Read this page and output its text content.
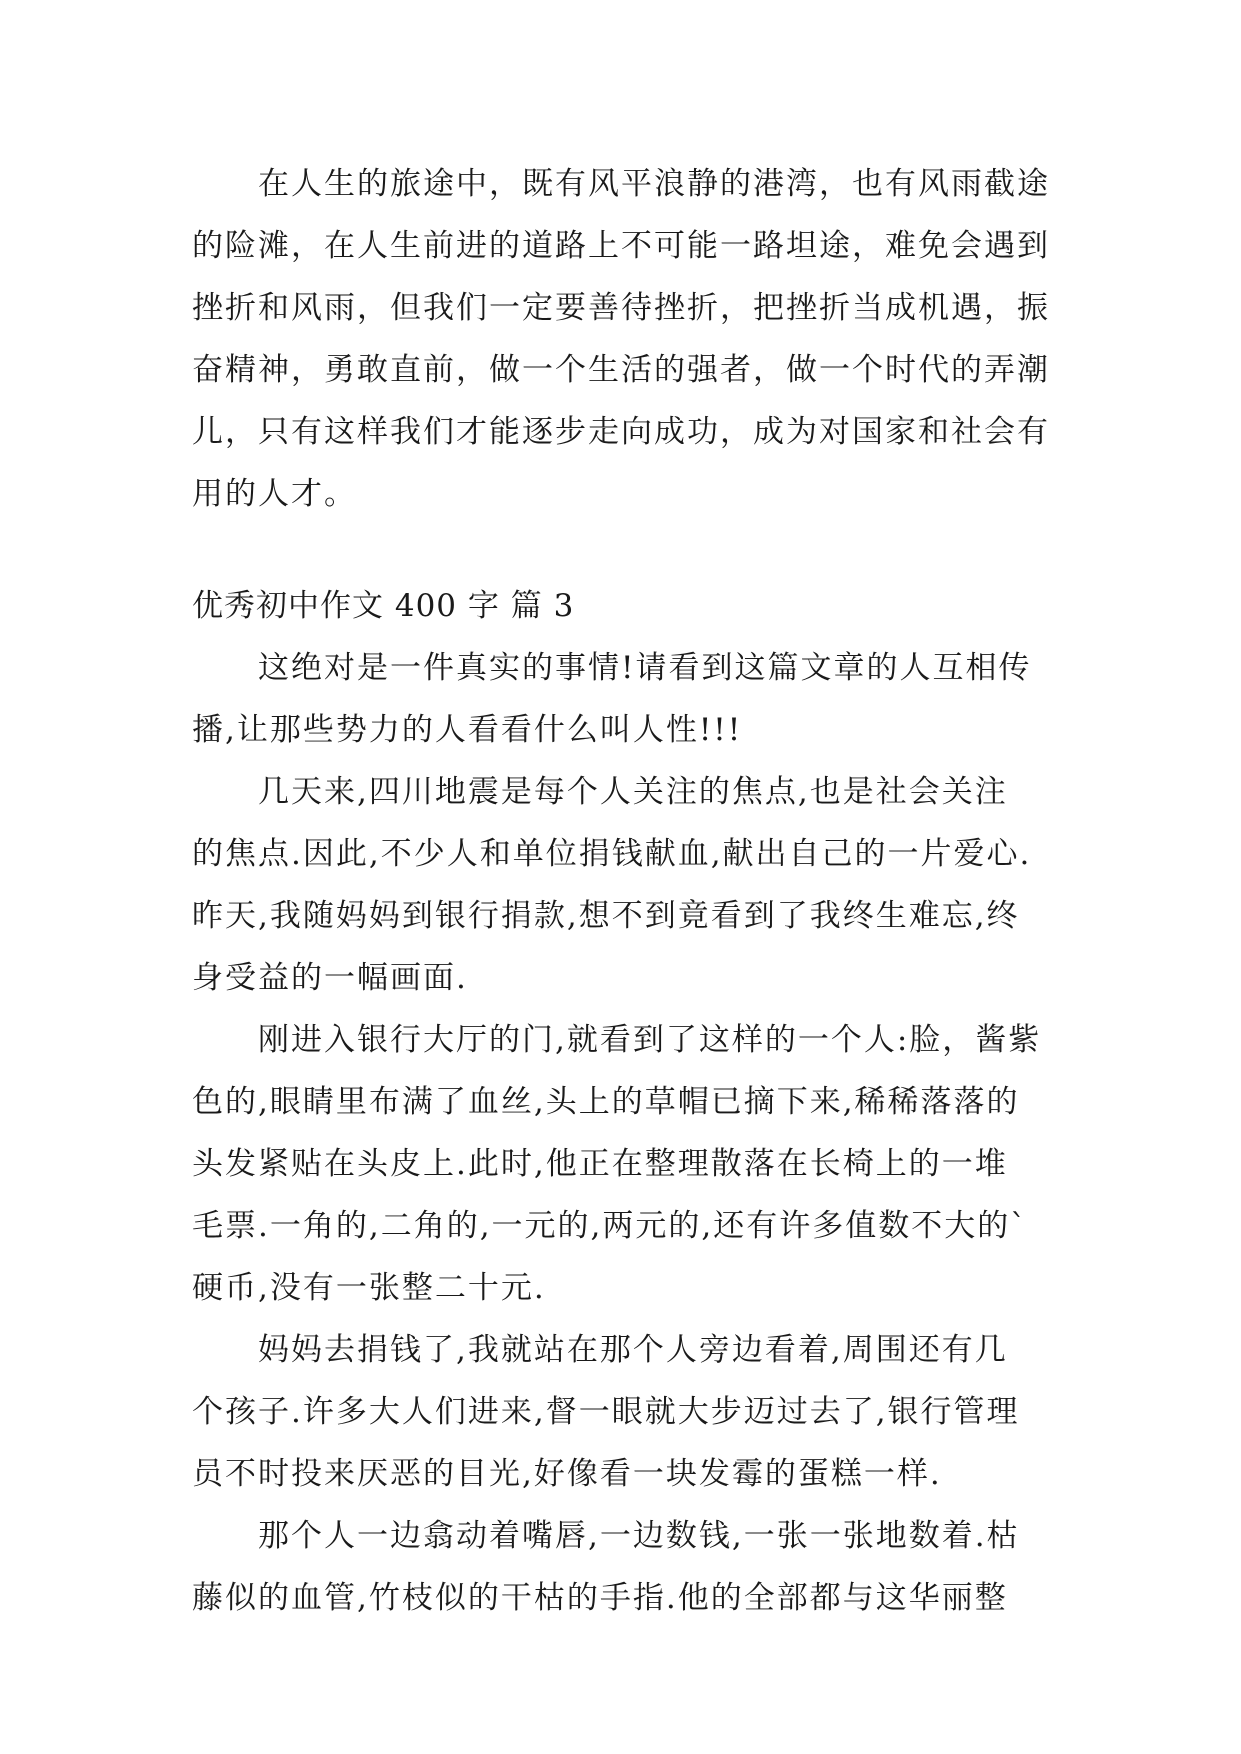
在人生的旅途中，既有风平浪静的港湾，也有风雨截途
的险滩，在人生前进的道路上不可能一路坦途，难免会遇到
挫折和风雨，但我们一定要善待挫折，把挫折当成机遇，振
奋精神，勇敢直前，做一个生活的强者，做一个时代的弄潮
儿，只有这样我们才能逐步走向成功，成为对国家和社会有
用的人才。
优秀初中作文 400 字 篇 3
这绝对是一件真实的事情!请看到这篇文章的人互相传
播,让那些势力的人看看什么叫人性!!!
几天来,四川地震是每个人关注的焦点,也是社会关注
的焦点.因此,不少人和单位捐钱献血,献出自己的一片爱心.
昨天,我随妈妈到银行捐款,想不到竟看到了我终生难忘,终
身受益的一幅画面.
刚进入银行大厅的门,就看到了这样的一个人:脸，酱紫
色的,眼睛里布满了血丝,头上的草帽已摘下来,稀稀落落的
头发紧贴在头皮上.此时,他正在整理散落在长椅上的一堆
毛票.一角的,二角的,一元的,两元的,还有许多值数不大的`
硬币,没有一张整二十元.
妈妈去捐钱了,我就站在那个人旁边看着,周围还有几
个孩子.许多大人们进来,督一眼就大步迈过去了,银行管理
员不时投来厌恶的目光,好像看一块发霉的蛋糕一样.
那个人一边翕动着嘴唇,一边数钱,一张一张地数着.枯
藤似的血管,竹枝似的干枯的手指.他的全部都与这华丽整
